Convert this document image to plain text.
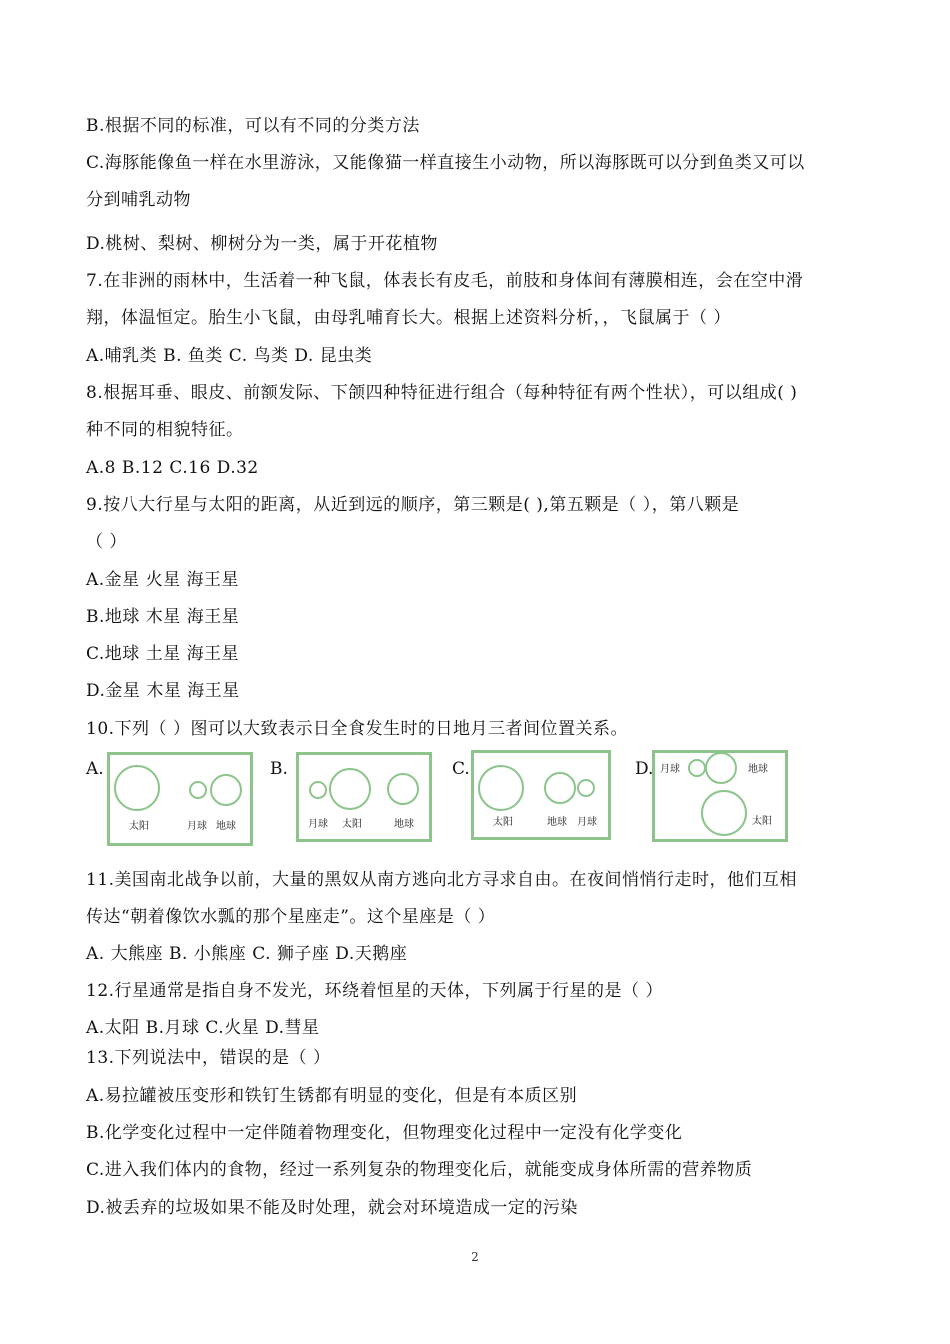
B.根据不同的标准，可以有不同的分类方法
C.海豚能像鱼一样在水里游泳，又能像猫一样直接生小动物，所以海豚既可以分到鱼类又可以
分到哺乳动物
D.桃树、梨树、柳树分为一类，属于开花植物
7.在非洲的雨林中，生活着一种飞鼠，体表长有皮毛，前肢和身体间有薄膜相连，会在空中滑
翔，体温恒定。胎生小飞鼠，由母乳哺育长大。根据上述资料分析，，飞鼠属于（ ）
A.哺乳类 B. 鱼类 C. 鸟类 D. 昆虫类
8.根据耳垂、眼皮、前额发际、下颌四种特征进行组合（每种特征有两个性状），可以组成( )
种不同的相貌特征。
A.8 B.12 C.16 D.32
9.按八大行星与太阳的距离，从近到远的顺序，第三颗是( ),第五颗是（ ），第八颗是
（ ）
A.金星 火星 海王星
B.地球 木星 海王星
C.地球 土星 海王星
D.金星 木星 海王星
10.下列（ ）图可以大致表示日全食发生时的日地月三者间位置关系。
A.
太阳	月球 地球
B.
月球 太阳	地球
C.
太阳	地球 月球
D. 月球	地球
太阳
11.美国南北战争以前，大量的黑奴从南方逃向北方寻求自由。在夜间悄悄行走时，他们互相
传达“朝着像饮水瓢的那个星座走”。这个星座是（ ）
A. 大熊座 B. 小熊座 C. 狮子座 D.天鹅座
12.行星通常是指自身不发光，环绕着恒星的天体，下列属于行星的是（ ）
A.太阳 B.月球 C.火星 D.彗星
13.下列说法中，错误的是（ ）
A.易拉罐被压变形和铁钉生锈都有明显的变化，但是有本质区别
B.化学变化过程中一定伴随着物理变化，但物理变化过程中一定没有化学变化
C.进入我们体内的食物，经过一系列复杂的物理变化后，就能变成身体所需的营养物质
D.被丢弃的垃圾如果不能及时处理，就会对环境造成一定的污染
2
